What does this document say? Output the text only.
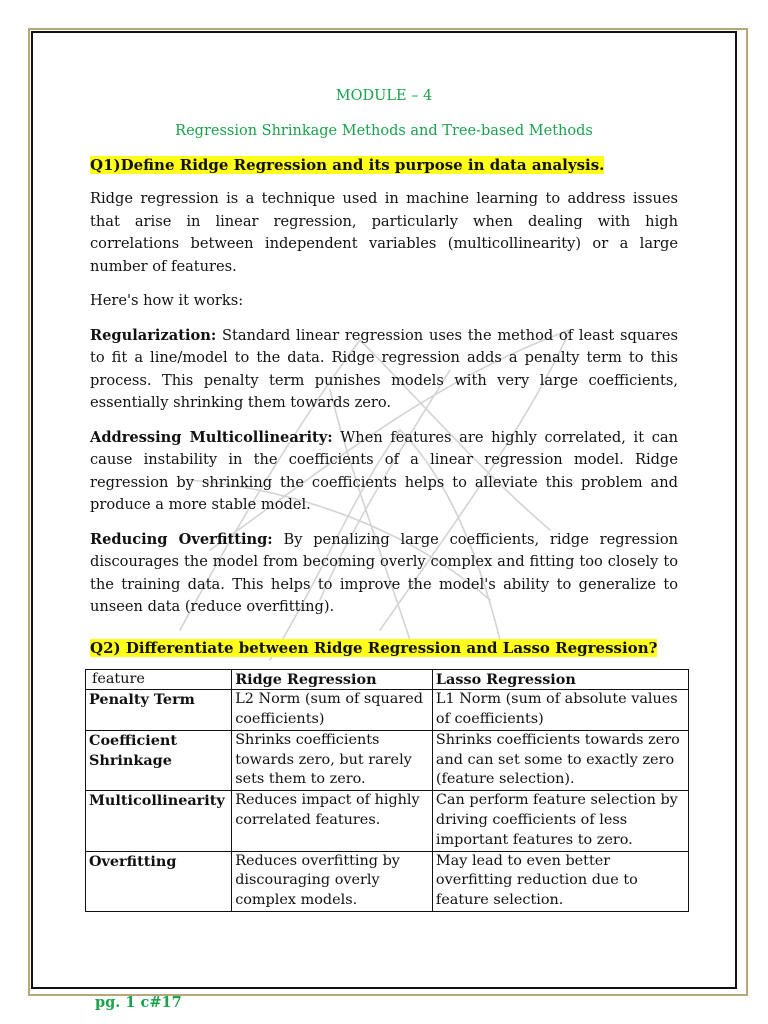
MODULE – 4

Regression Shrinkage Methods and Tree-based Methods

Q1)Define Ridge Regression and its purpose in data analysis.

Ridge regression is a technique used in machine learning to address issues that arise in linear regression, particularly when dealing with high correlations between independent variables (multicollinearity) or a large number of features.

Here's how it works:

Regularization: Standard linear regression uses the method of least squares to fit a line/model to the data. Ridge regression adds a penalty term to this process. This penalty term punishes models with very large coefficients, essentially shrinking them towards zero.

Addressing Multicollinearity: When features are highly correlated, it can cause instability in the coefficients of a linear regression model. Ridge regression by shrinking the coefficients helps to alleviate this problem and produce a more stable model.

Reducing Overfitting: By penalizing large coefficients, ridge regression discourages the model from becoming overly complex and fitting too closely to the training data. This helps to improve the model's ability to generalize to unseen data (reduce overfitting).

Q2) Differentiate between Ridge Regression and Lasso Regression?

feature	Ridge Regression	Lasso Regression
Penalty Term	L2 Norm (sum of squared coefficients)	L1 Norm (sum of absolute values of coefficients)
Coefficient Shrinkage	Shrinks coefficients towards zero, but rarely sets them to zero.	Shrinks coefficients towards zero and can set some to exactly zero (feature selection).
Multicollinearity	Reduces impact of highly correlated features.	Can perform feature selection by driving coefficients of less important features to zero.
Overfitting	Reduces overfitting by discouraging overly complex models.	May lead to even better overfitting reduction due to feature selection.
pg. 1 c#17
